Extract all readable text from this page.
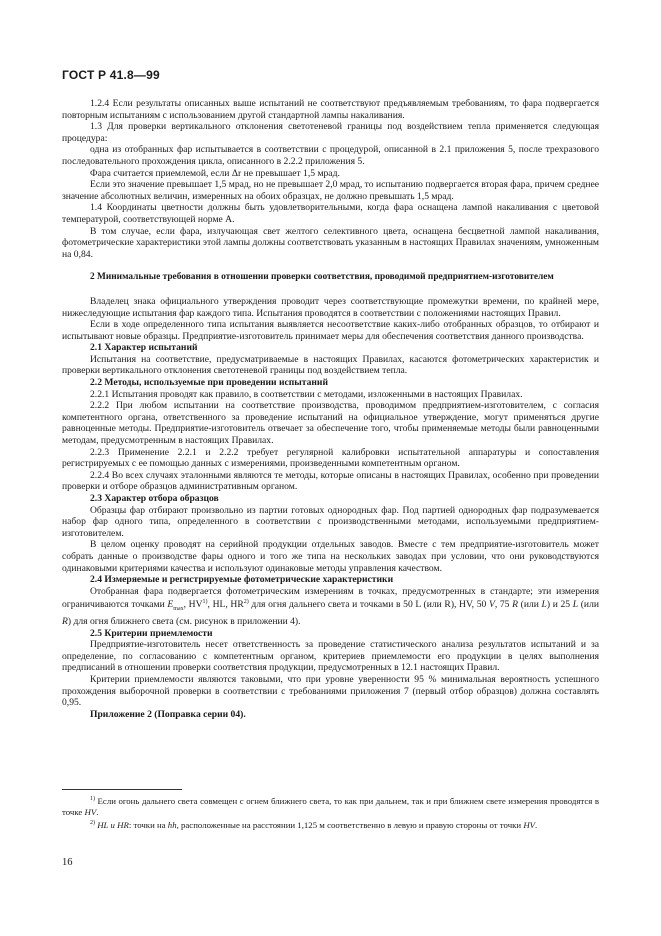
ГОСТ Р 41.8—99

1.2.4 Если результаты описанных выше испытаний не соответствуют предъявляемым требованиям, то фара подвергается повторным испытаниям с использованием другой стандартной лампы накаливания.

1.3 Для проверки вертикального отклонения светотеневой границы под воздействием тепла применяется следующая процедура:

одна из отобранных фар испытывается в соответствии с процедурой, описанной в 2.1 приложения 5, после трехразового последовательного прохождения цикла, описанного в 2.2.2 приложения 5.

Фара считается приемлемой, если Δr не превышает 1,5 мрад.

Если это значение превышает 1,5 мрад, но не превышает 2,0 мрад, то испытанию подвергается вторая фара, причем среднее значение абсолютных величин, измеренных на обоих образцах, не должно превышать 1,5 мрад.

1.4 Координаты цветности должны быть удовлетворительными, когда фара оснащена лампой накаливания с цветовой температурой, соответствующей норме А.

В том случае, если фара, излучающая свет желтого селективного цвета, оснащена бесцветной лампой накаливания, фотометрические характеристики этой лампы должны соответствовать указанным в настоящих Правилах значениям, умноженным на 0,84.

2 Минимальные требования в отношении проверки соответствия, проводимой предприятием-изготовителем

Владелец знака официального утверждения проводит через соответствующие промежутки времени, по крайней мере, нижеследующие испытания фар каждого типа. Испытания проводятся в соответствии с положениями настоящих Правил.

Если в ходе определенного типа испытания выявляется несоответствие каких-либо отобранных образцов, то отбирают и испытывают новые образцы. Предприятие-изготовитель принимает меры для обеспечения соответствия данного производства.

2.1 Характер испытаний

Испытания на соответствие, предусматриваемые в настоящих Правилах, касаются фотометрических характеристик и проверки вертикального отклонения светотеневой границы под воздействием тепла.

2.2 Методы, используемые при проведении испытаний

2.2.1 Испытания проводят как правило, в соответствии с методами, изложенными в настоящих Правилах.

2.2.2 При любом испытании на соответствие производства, проводимом предприятием-изготовителем, с согласия компетентного органа, ответственного за проведение испытаний на официальное утверждение, могут применяться другие равноценные методы. Предприятие-изготовитель отвечает за обеспечение того, чтобы применяемые методы были равноценными методам, предусмотренным в настоящих Правилах.

2.2.3 Применение 2.2.1 и 2.2.2 требует регулярной калибровки испытательной аппаратуры и сопоставления регистрируемых с ее помощью данных с измерениями, произведенными компетентным органом.

2.2.4 Во всех случаях эталонными являются те методы, которые описаны в настоящих Правилах, особенно при проведении проверки и отборе образцов административным органом.

2.3 Характер отбора образцов

Образцы фар отбирают произвольно из партии готовых однородных фар. Под партией однородных фар подразумевается набор фар одного типа, определенного в соответствии с производственными методами, используемыми предприятием-изготовителем.

В целом оценку проводят на серийной продукции отдельных заводов. Вместе с тем предприятие-изготовитель может собрать данные о производстве фары одного и того же типа на нескольких заводах при условии, что они руководствуются одинаковыми критериями качества и используют одинаковые методы управления качеством.

2.4 Измеряемые и регистрируемые фотометрические характеристики

Отобранная фара подвергается фотометрическим измерениям в точках, предусмотренных в стандарте; эти измерения ограничиваются точками $E_{max}$, HV$^{1)}$, HL, HR$^{2)}$ для огня дальнего света и точками в 50 L (или R), HV, 50 V, 75 R (или L) и 25 L (или R) для огня ближнего света (см. рисунок в приложении 4).

2.5 Критерии приемлемости

Предприятие-изготовитель несет ответственность за проведение статистического анализа результатов испытаний и за определение, по согласованию с компетентным органом, критериев приемлемости его продукции в целях выполнения предписаний в отношении проверки соответствия продукции, предусмотренных в 12.1 настоящих Правил.

Критерии приемлемости являются таковыми, что при уровне уверенности 95 % минимальная вероятность успешного прохождения выборочной проверки в соответствии с требованиями приложения 7 (первый отбор образцов) должна составлять 0,95.

Приложение 2 (Поправка серии 04).

$^{1)}$ Если огонь дальнего света совмещен с огнем ближнего света, то как при дальнем, так и при ближнем свете измерения проводятся в точке HV.

$^{2)}$ HL и HR: точки на hh, расположенные на расстоянии 1,125 м соответственно в левую и правую стороны от точки HV.

16
